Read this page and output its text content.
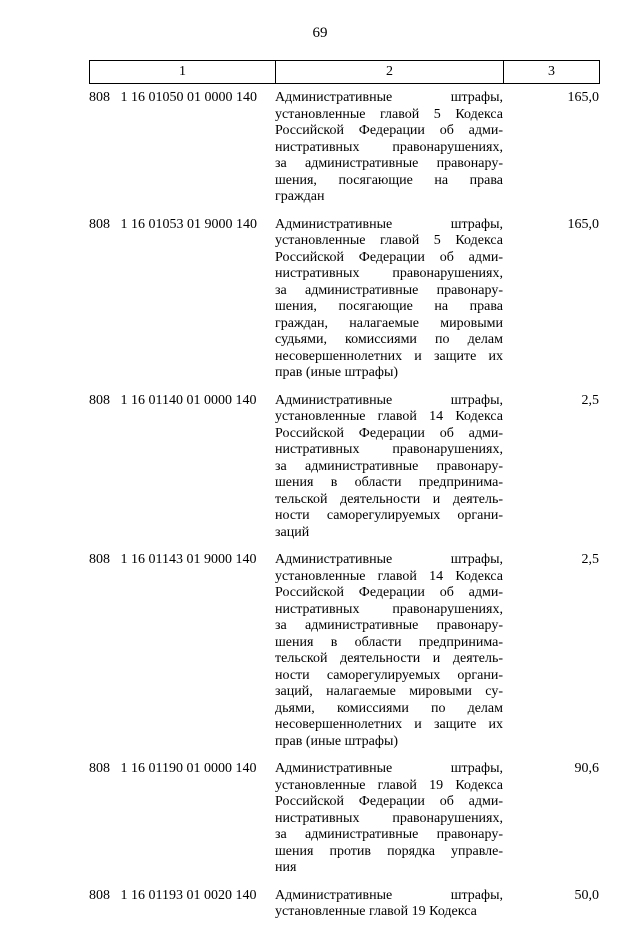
69
1	2	3
808   1 16 01050 01 0000 140	Административные штрафы,
установленные главой 5 Кодекса
Российской Федерации об адми-
нистративных правонарушениях,
за административные правонару-
шения, посягающие на права
граждан
165,0
808   1 16 01053 01 9000 140	Административные штрафы,
установленные главой 5 Кодекса
Российской Федерации об адми-
нистративных правонарушениях,
за административные правонару-
шения, посягающие на права
граждан, налагаемые мировыми
судьями, комиссиями по делам
несовершеннолетних и защите их
прав (иные штрафы)
165,0
808   1 16 01140 01 0000 140	Административные штрафы,
установленные главой 14 Кодекса
Российской Федерации об адми-
нистративных правонарушениях,
за административные правонару-
шения в области предпринима-
тельской деятельности и деятель-
ности саморегулируемых органи-
заций
2,5
808   1 16 01143 01 9000 140	Административные штрафы,
установленные главой 14 Кодекса
Российской Федерации об адми-
нистративных правонарушениях,
за административные правонару-
шения в области предпринима-
тельской деятельности и деятель-
ности саморегулируемых органи-
заций, налагаемые мировыми су-
дьями, комиссиями по делам
несовершеннолетних и защите их
прав (иные штрафы)
2,5
808   1 16 01190 01 0000 140	Административные штрафы,
установленные главой 19 Кодекса
Российской Федерации об адми-
нистративных правонарушениях,
за административные правонару-
шения против порядка управле-
ния
90,6
808   1 16 01193 01 0020 140	Административные штрафы,
установленные главой 19 Кодекса
50,0
